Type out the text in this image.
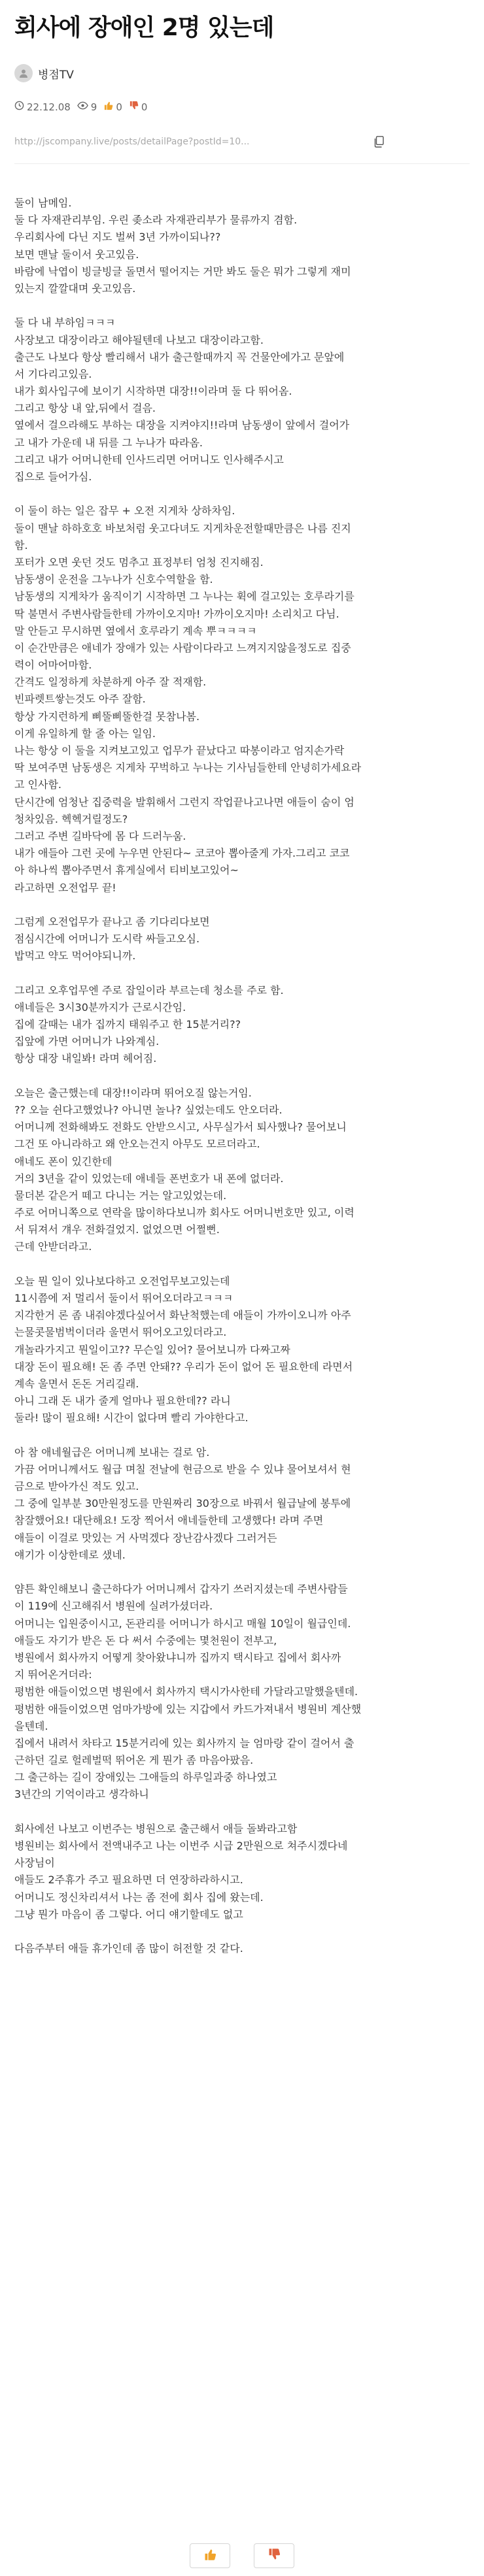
회사에 장애인 2명 있는데
병점TV
22.12.08 9 0 0
http://jscompany.live/posts/detailPage?postId=10...
둘이 남메임.
둘 다 자재관리부임. 우린 좆소라 자재관리부가 물류까지 겸함.
우리회사에 다닌 지도 벌써 3년 가까이되나??
보면 맨날 둘이서 웃고있음.
바람에 낙엽이 빙글빙글 돌면서 떨어지는 거만 봐도 둘은 뭐가 그렇게 재미
있는지 깔깔대며 웃고있음.
둘 다 내 부하임ㅋㅋㅋ
사장보고 대장이라고 해야될텐데 나보고 대장이라고함.
출근도 나보다 항상 빨리해서 내가 출근할때까지 꼭 건물안에가고 문앞에
서 기다리고있음.
내가 회사입구에 보이기 시작하면 대장!!이라며 둘 다 뛰어옴.
그리고 항상 내 앞,뒤에서 걸음.
옆에서 걸으라해도 부하는 대장을 지켜야지!!라며 남동생이 앞에서 걸어가
고 내가 가운데 내 뒤를 그 누나가 따라옴.
그리고 내가 어머니한테 인사드리면 어머니도 인사해주시고
집으로 들어가심.
이 둘이 하는 일은 잡무 + 오전 지게차 상하차임.
둘이 맨날 하하호호 바보처럼 웃고다녀도 지게차운전할때만큼은 나름 진지
함.
포터가 오면 웃던 것도 멈추고 표정부터 엄청 진지해짐.
남동생이 운전을 그누나가 신호수역할을 함.
남동생의 지게차가 움직이기 시작하면 그 누나는 휙에 걸고있는 호루라기를
딱 불면서 주변사람들한테 가까이오지마! 가까이오지마! 소리치고 다님.
말 안듣고 무시하면 옆에서 호루라기 계속 뿌ㅋㅋㅋㅋ
이 순간만큼은 애네가 장애가 있는 사람이다라고 느껴지지않을정도로 집중
력이 어마어마함.
간격도 일정하게 차분하게 아주 잘 적재함.
빈파렛트쌓는것도 아주 잘함.
항상 가지런하게 삐뚤삐뚤한걸 못참나봄.
이게 유일하게 할 줄 아는 일임.
나는 항상 이 둘을 지켜보고있고 업무가 끝났다고 따봉이라고 엄지손가락
딱 보여주면 남동생은 지게차 꾸벅하고 누나는 기사님들한테 안녕히가세요라
고 인사함.
단시간에 엄청난 집중력을 발휘해서 그런지 작업끝나고나면 애들이 숨이 엄
청차있음. 헥헥거릴정도?
그러고 주변 길바닥에 몸 다 드러누움.
내가 애들아 그런 곳에 누우면 안된다~ 코코아 뽑아줄게 가자.그리고 코코
아 하나씩 뽑아주면서 휴게실에서 티비보고있어~
라고하면 오전업무 끝!
그럼게 오전업무가 끝나고 좀 기다리다보면
점심시간에 어머니가 도시락 싸들고오심.
밥먹고 약도 먹어야되니까.
그리고 오후업무엔 주로 잡일이라 부르는데 청소를 주로 함.
애네들은 3시30분까지가 근로시간임.
집에 갈때는 내가 집까지 태워주고 한 15분거리??
집앞에 가면 어머니가 나와계심.
항상 대장 내일봐! 라며 헤어짐.
오늘은 출근했는데 대장!!이라며 뛰어오질 않는거임.
?? 오늘 쉰다고했었나? 아니면 놀나? 싶었는데도 안오더라.
어머니께 전화해봐도 전화도 안받으시고, 사무실가서 퇴사했나? 물어보니
그건 또 아니라하고 왜 안오는건지 아무도 모르더라고.
애네도 폰이 있긴한데
거의 3년을 같이 있었는데 애네들 폰번호가 내 폰에 없더라.
물더본 같은거 떼고 다니는 거는 알고있었는데.
주로 어머니쪽으로 연락을 많이하다보니까 회사도 어머니번호만 있고, 이력
서 뒤져서 걔우 전화걸었지. 없었으면 어쩔뻔.
근데 안받더라고.
오늘 뭔 일이 있나보다하고 오전업무보고있는데
11시쯤에 저 멀리서 둘이서 뛰어오더라고ㅋㅋㅋ
지각한거 론 좀 내줘야겠다싶어서 화난척했는데 애들이 가까이오니까 아주
는물콧물범벅이더라 울면서 뛰어오고있더라고.
개놀라가지고 뭔일이고?? 무슨일 있어? 물어보니까 다짜고짜
대장 돈이 필요해! 돈 좀 주면 안돼?? 우리가 돈이 없어 돈 필요한데 라면서
계속 울면서 돈돈 거리길래.
아니 그래 돈 내가 줄게 얼마나 필요한데?? 라니
둘라! 많이 필요해! 시간이 없다며 빨리 가야한다고.
아 참 애네월급은 어머니께 보내는 걸로 암.
가끔 어머니께서도 월급 며칠 전날에 현금으로 받을 수 있냐 물어보셔서 현
금으로 받아가신 적도 있고.
그 중에 일부분 30만원정도를 만원짜리 30장으로 바꿔서 월급날에 봉투에
참잘했어요! 대단해요! 도장 찍어서 애네들한테 고생했다! 라며 주면
애들이 이걸로 맛있는 거 사먹겠다 장난감사겠다 그러거든
얘기가 이상한데로 샜네.
얌튼 확인해보니 출근하다가 어머니께서 갑자기 쓰러지셨는데 주변사람들
이 119에 신고해줘서 병원에 실려가셨더라.
어머니는 입원중이시고, 돈관리를 어머니가 하시고 매월 10일이 월급인데.
애들도 자기가 받은 돈 다 써서 수중에는 몇천원이 전부고,
병원에서 회사까지 어떻게 찾아왔냐니까 집까지 택시타고 집에서 회사까
지 뛰어온거더라:
평범한 애들이었으면 병원에서 회사까지 택시가사한테 가달라고말했을텐데.
평범한 애들이었으면 엄마가방에 있는 지갑에서 카드가져내서 병원비 계산했
을텐데.
집에서 내려서 차타고 15분거리에 있는 회사까지 늘 엄마랑 같이 걸어서 출
근하던 길로 헐레벌떡 뛰어온 게 뭔가 좀 마음아팠음.
그 출근하는 길이 장애있는 그애들의 하루일과중 하나였고
3년간의 기억이라고 생각하니
회사에선 나보고 이번주는 병원으로 출근해서 애들 돌봐라고함
병원비는 회사에서 전액내주고 나는 이번주 시급 2만원으로 쳐주시겠다네
사장님이
애들도 2주휴가 주고 필요하면 더 연장하라하시고.
어머니도 정신차리셔서 나는 좀 전에 회사 집에 왔는데.
그냥 뭔가 마음이 좀 그렇다. 어디 얘기할데도 없고
다음주부터 애들 휴가인데 좀 많이 허전할 것 같다.
